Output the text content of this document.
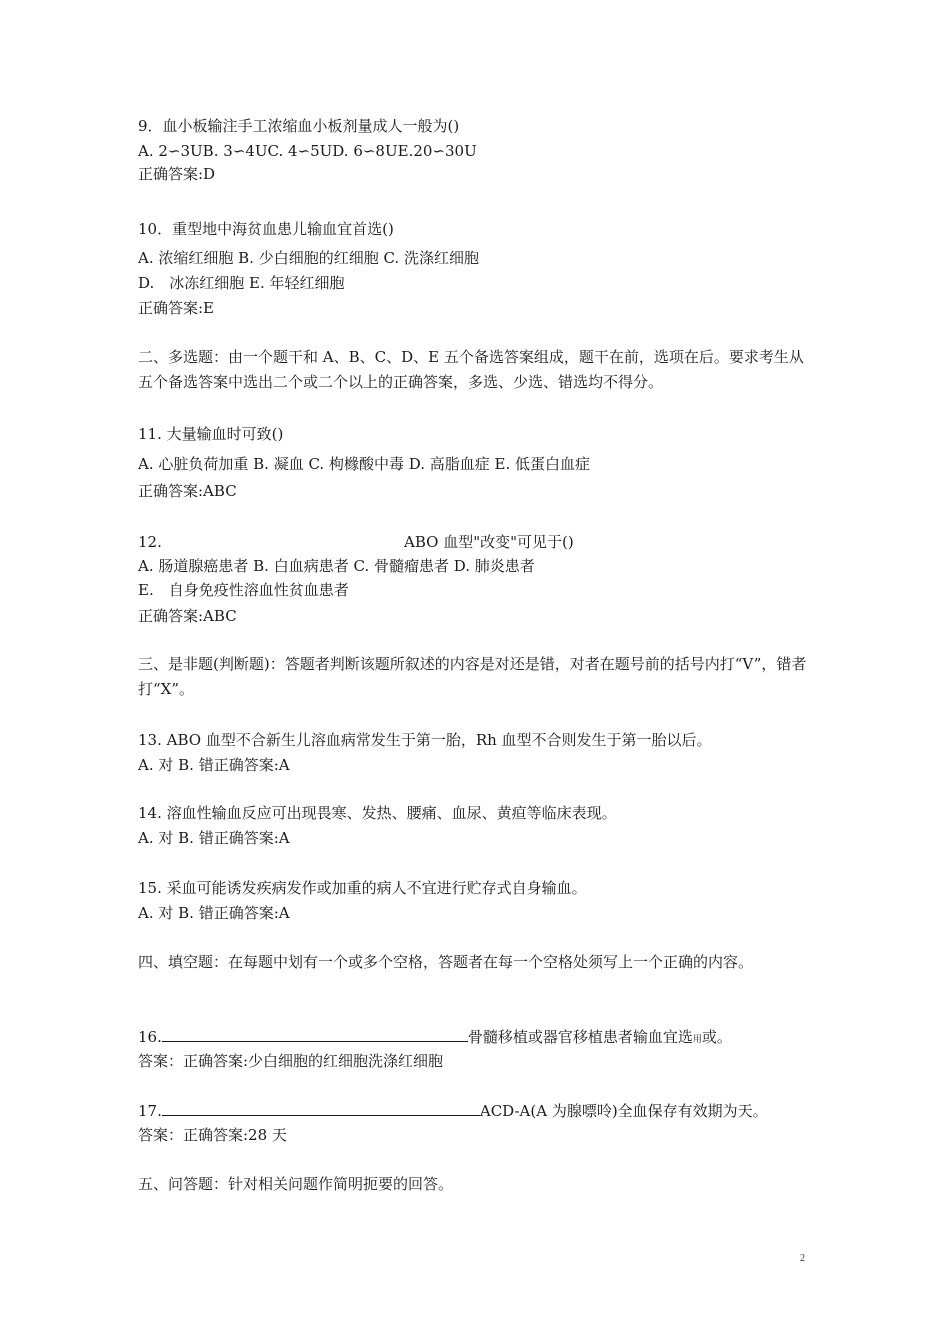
9．血小板输注手工浓缩血小板剂量成人一般为()
A. 2∽3UB. 3∽4UC. 4∽5UD. 6∽8UE.20∽30U
正确答案:D
10．重型地中海贫血患儿输血宜首选()
A. 浓缩红细胞 B. 少白细胞的红细胞 C. 洗涤红细胞
D.　冰冻红细胞 E. 年轻红细胞
正确答案:E
二、多选题：由一个题干和 A、B、C、D、E 五个备选答案组成，题干在前，选项在后。要求考生从五个备选答案中选出二个或二个以上的正确答案，多选、少选、错选均不得分。
11. 大量输血时可致()
A. 心脏负荷加重 B. 凝血 C. 枸橼酸中毒 D. 高脂血症 E. 低蛋白血症
正确答案:ABC
12.	ABO 血型"改变"可见于()
A. 肠道腺癌患者 B. 白血病患者 C. 骨髓瘤患者 D. 肺炎患者
E.　自身免疫性溶血性贫血患者
正确答案:ABC
三、是非题(判断题)：答题者判断该题所叙述的内容是对还是错，对者在题号前的括号内打“V”，错者打“X”。
13. ABO 血型不合新生儿溶血病常发生于第一胎，Rh 血型不合则发生于第一胎以后。
A. 对 B. 错正确答案:A
14. 溶血性输血反应可出现畏寒、发热、腰痛、血尿、黄疸等临床表现。
A. 对 B. 错正确答案:A
15. 采血可能诱发疾病发作或加重的病人不宜进行贮存式自身输血。
A. 对 B. 错正确答案:A
四、填空题：在每题中划有一个或多个空格，答题者在每一个空格处须写上一个正确的内容。
16.	骨髓移植或器官移植患者输血宜选用或。
答案：正确答案:少白细胞的红细胞洗涤红细胞
17.	ACD-A(A 为腺嘌呤)全血保存有效期为天。
答案：正确答案:28 天
五、问答题：针对相关问题作简明扼要的回答。
2
